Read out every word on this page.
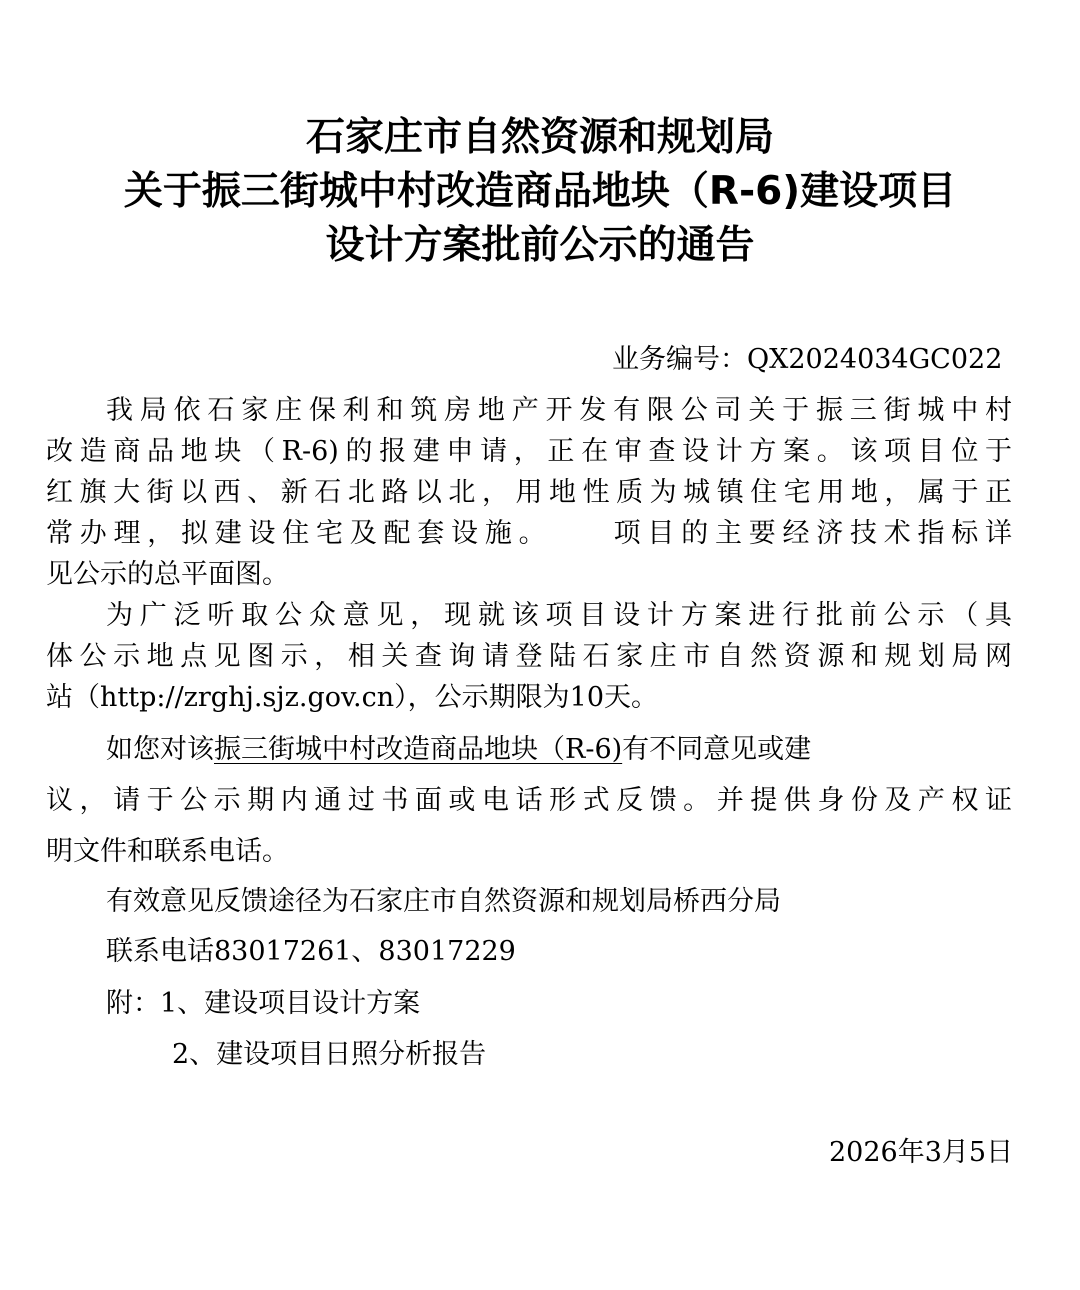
石家庄市自然资源和规划局
关于振三街城中村改造商品地块（R-6)建设项目
设计方案批前公示的通告
业务编号：QX2024034GC022
我局依石家庄保利和筑房地产开发有限公司关于振三街城中村
改造商品地块（R-6)的报建申请，正在审查设计方案。该项目位于
红旗大街以西、新石北路以北，用地性质为城镇住宅用地，属于正
常办理，拟建设住宅及配套设施。    项目的主要经济技术指标详
见公示的总平面图。
为广泛听取公众意见，现就该项目设计方案进行批前公示（具
体公示地点见图示，相关查询请登陆石家庄市自然资源和规划局网
站（http://zrghj.sjz.gov.cn），公示期限为10天。
如您对该振三街城中村改造商品地块（R-6)有不同意见或建
议，请于公示期内通过书面或电话形式反馈。并提供身份及产权证
明文件和联系电话。
有效意见反馈途径为石家庄市自然资源和规划局桥西分局
联系电话83017261、83017229
附：1、建设项目设计方案
2、建设项目日照分析报告
2026年3月5日
